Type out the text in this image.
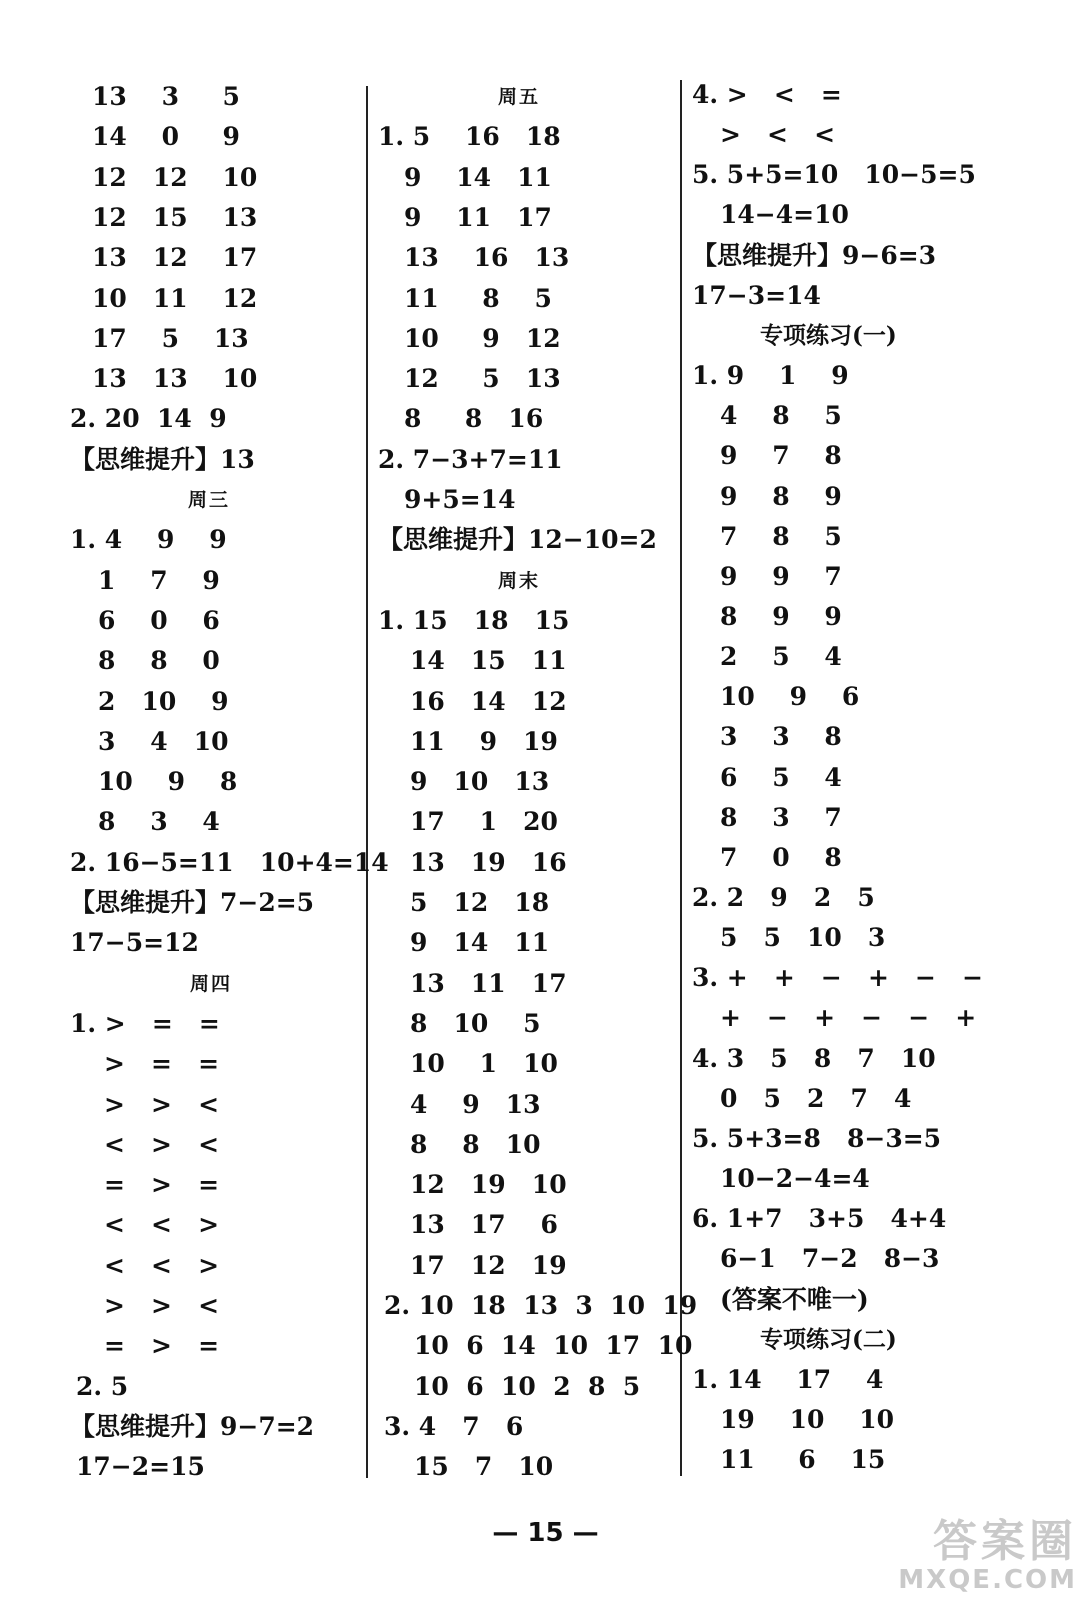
13    3     5
14    0     9
12   12    10
12   15    13
13   12    17
10   11    12
17    5    13
13   13    10
2. 20  14  9
【思维提升】13
周三
1. 4    9    9
1    7    9
6    0    6
8    8    0
2   10    9
3    4   10
10    9    8
8    3    4
2. 16−5=11   10+4=14
【思维提升】7−2=5
17−5=12
周四
1. >   =   =
>   =   =
>   >   <
<   >   <
=   >   =
<   <   >
<   <   >
>   >   <
=   >   =
2. 5
【思维提升】9−7=2
17−2=15
周五
1. 5    16   18
9    14   11
9    11   17
13    16   13
11     8    5
10     9   12
12     5   13
8     8   16
2. 7−3+7=11
9+5=14
【思维提升】12−10=2
周末
1. 15   18   15
14   15   11
16   14   12
11    9   19
9   10   13
17    1   20
13   19   16
5   12   18
9   14   11
13   11   17
8   10    5
10    1   10
4    9   13
8    8   10
12   19   10
13   17    6
17   12   19
2. 10  18  13  3  10  19
10  6  14  10  17  10
10  6  10  2  8  5
3. 4   7   6
15   7   10
4. >   <   =
>   <   <
5. 5+5=10   10−5=5
14−4=10
【思维提升】9−6=3
17−3=14
专项练习(一)
1. 9    1    9
4    8    5
9    7    8
9    8    9
7    8    5
9    9    7
8    9    9
2    5    4
10    9    6
3    3    8
6    5    4
8    3    7
7    0    8
2. 2   9   2   5
5   5   10   3
3. +   +   −   +   −   −
+   −   +   −   −   +
4. 3   5   8   7   10
0   5   2   7   4
5. 5+3=8   8−3=5
10−2−4=4
6. 1+7   3+5   4+4
6−1   7−2   8−3
(答案不唯一)
专项练习(二)
1. 14    17    4
19    10    10
11     6    15
— 15 —	答案圈
MXQE.COM
